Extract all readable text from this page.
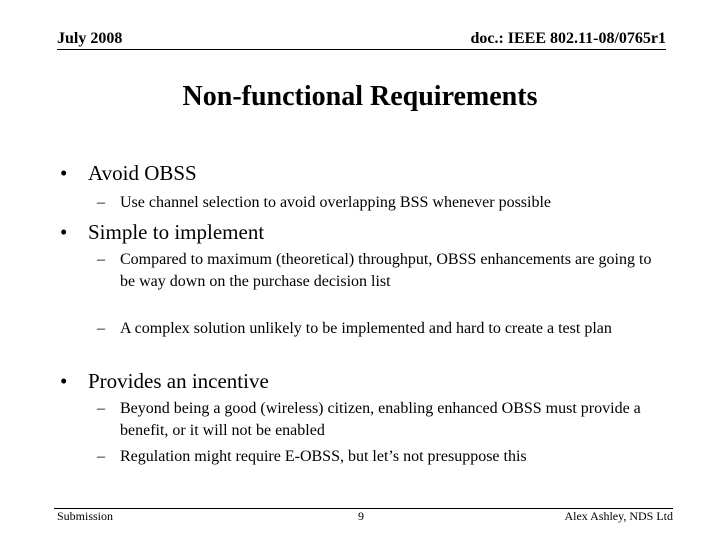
July 2008	doc.: IEEE 802.11-08/0765r1
Non-functional Requirements
• Avoid OBSS
– Use channel selection to avoid overlapping BSS whenever possible
• Simple to implement
– Compared to maximum (theoretical) throughput, OBSS enhancements are going to be way down on the purchase decision list
– A complex solution unlikely to be implemented and hard to create a test plan
• Provides an incentive
– Beyond being a good (wireless) citizen, enabling enhanced OBSS must provide a benefit, or it will not be enabled
– Regulation might require E-OBSS, but let’s not presuppose this
Submission	9	Alex Ashley, NDS Ltd
